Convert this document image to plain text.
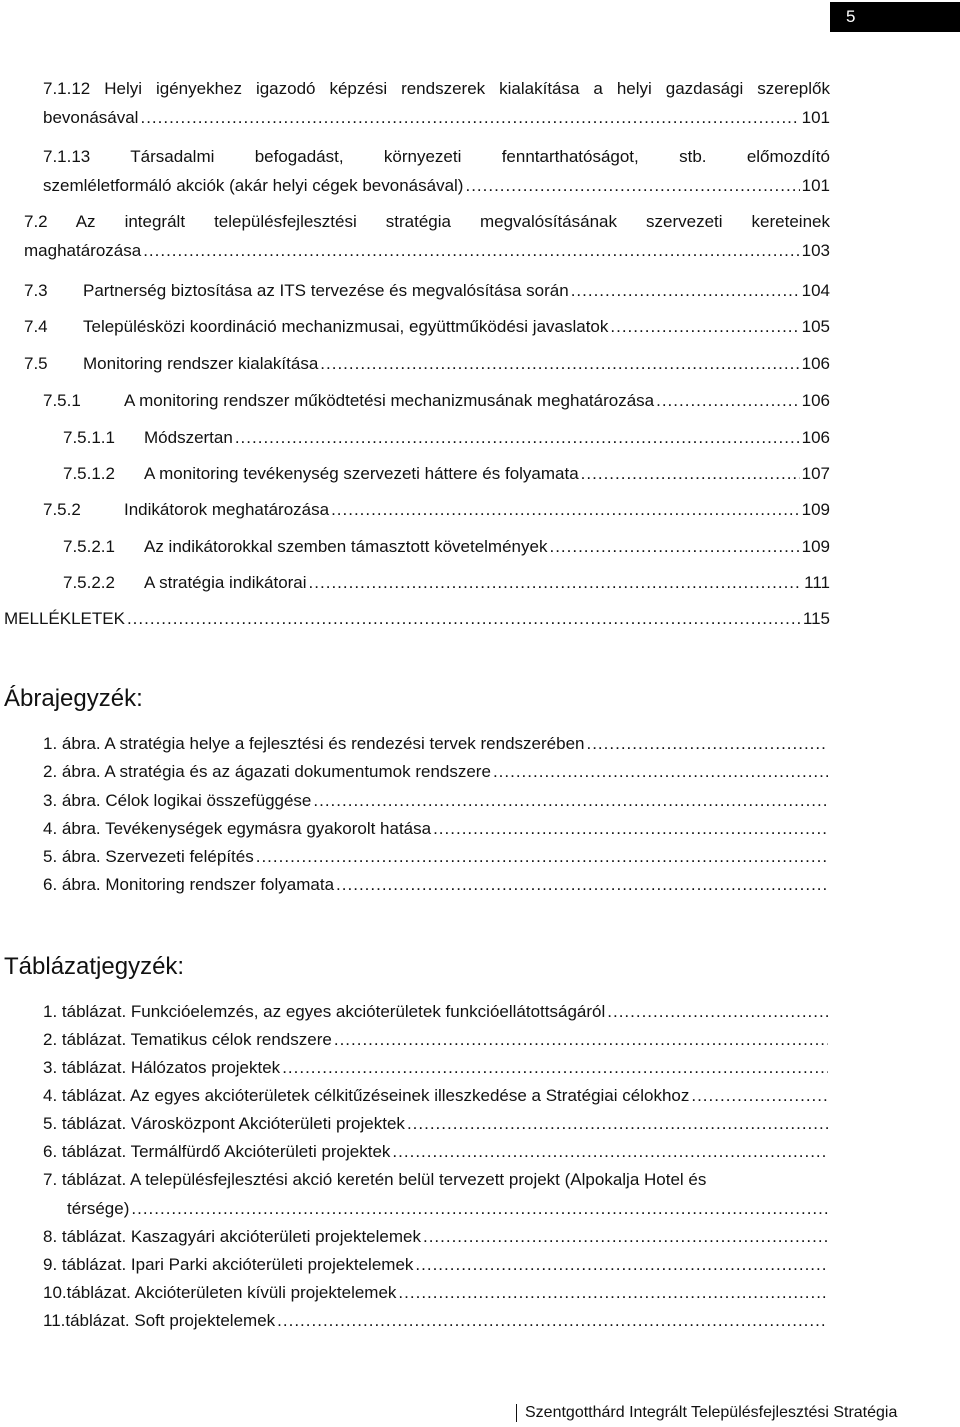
5
7.1.12 Helyi igényekhez igazodó képzési rendszerek kialakítása a helyi gazdasági szereplők
bevonásával .....	101
7.1.13 Társadalmi befogadást, környezeti fenntarthatóságot, stb. előmozdító
szemléletformáló akciók (akár helyi cégek bevonásával) .....	101
7.2 Az integrált településfejlesztési stratégia megvalósításának szervezeti kereteinek
maghatározása .....	103
7.3	Partnerség biztosítása az ITS tervezése és megvalósítása során .....	104
7.4	Településközi koordináció mechanizmusai, együttműködési javaslatok .....	105
7.5	Monitoring rendszer kialakítása .....	106
7.5.1	A monitoring rendszer működtetési mechanizmusának meghatározása .....	106
7.5.1.1	Módszertan .....	106
7.5.1.2	A monitoring tevékenység szervezeti háttere és folyamata .....	107
7.5.2	Indikátorok meghatározása .....	109
7.5.2.1	Az indikátorokkal szemben támasztott követelmények .....	109
7.5.2.2	A stratégia indikátorai .....	111
MELLÉKLETEK .....	115
Ábrajegyzék:
1. ábra. A stratégia helye a fejlesztési és rendezési tervek rendszerében
.....
2. ábra. A stratégia és az ágazati dokumentumok rendszere
.....
3. ábra. Célok logikai összefüggése
.....
4. ábra. Tevékenységek egymásra gyakorolt hatása
.....
5. ábra. Szervezeti felépítés
.....
6. ábra. Monitoring rendszer folyamata
.....
Táblázatjegyzék:
1. táblázat. Funkcióelemzés, az egyes akcióterületek funkcióellátottságáról
.....
2. táblázat. Tematikus célok rendszere
.....
3. táblázat. Hálózatos projektek
.....
4. táblázat. Az egyes akcióterületek célkitűzéseinek illeszkedése a Stratégiai célokhoz
.....
5. táblázat. Városközpont Akcióterületi projektek
.....
6. táblázat. Termálfürdő Akcióterületi projektek
.....
7. táblázat. A településfejlesztési akció keretén belül tervezett projekt (Alpokalja Hotel és
térsége)
.....
8. táblázat. Kaszagyári akcióterületi projektelemek
.....
9. táblázat. Ipari Parki akcióterületi projektelemek
.....
10.táblázat. Akcióterületen kívüli projektelemek
.....
11.táblázat. Soft projektelemek
.....
Szentgotthárd Integrált Településfejlesztési Stratégia
